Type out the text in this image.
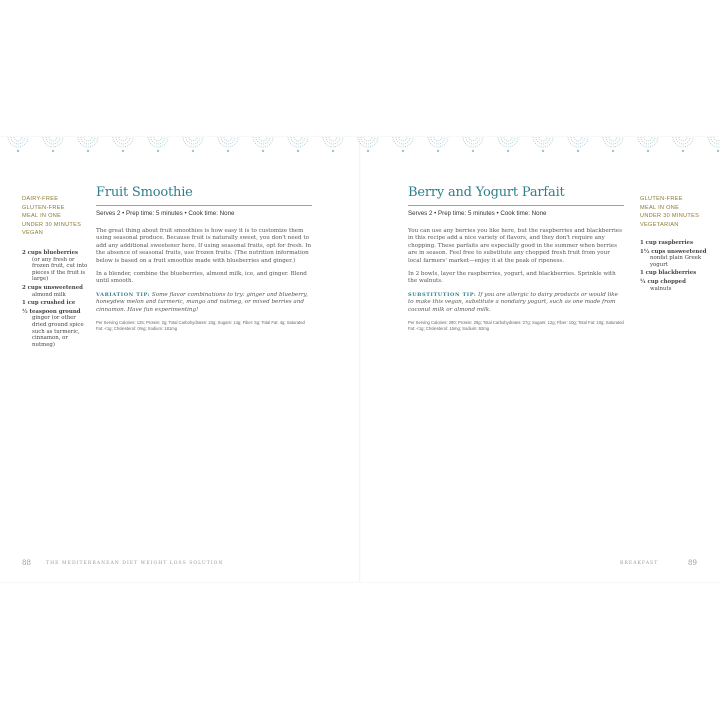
DAIRY-FREE
GLUTEN-FREE
MEAL IN ONE
UNDER 30 MINUTES
VEGAN
2 cups blueberries
(or any fresh or frozen fruit, cut into pieces if the fruit is large)
2 cups unsweetened
almond milk
1 cup crushed ice
½ teaspoon ground
ginger (or other dried ground spice such as turmeric, cinnamon, or nutmeg)
Fruit Smoothie
Serves 2 • Prep time: 5 minutes • Cook time: None

The great thing about fruit smoothies is how easy it is to customize them using seasonal produce. Because fruit is naturally sweet, you don't need to add any additional sweetener here. If using seasonal fruits, opt for fresh. In the absence of seasonal fruits, use frozen fruits. (The nutrition information below is based on a fruit smoothie made with blueberries and ginger.)

In a blender, combine the blueberries, almond milk, ice, and ginger. Blend until smooth.

VARIATION TIP: Some flavor combinations to try: ginger and blueberry, honeydew melon and turmeric, mango and nutmeg, or mixed berries and cinnamon. Have fun experimenting!

Per Serving Calories: 125; Protein: 2g; Total Carbohydrates: 23g; Sugars: 14g; Fiber: 5g; Total Fat: 4g; Saturated Fat: <1g; Cholesterol: 0mg; Sodium: 181mg
88	THE MEDITERRANEAN DIET WEIGHT LOSS SOLUTION
Berry and Yogurt Parfait
Serves 2 • Prep time: 5 minutes • Cook time: None

You can use any berries you like here, but the raspberries and blackberries in this recipe add a nice variety of flavors, and they don't require any chopping. These parfaits are especially good in the summer when berries are in season. Feel free to substitute any chopped fresh fruit from your local farmers' market—enjoy it at the peak of ripeness.

In 2 bowls, layer the raspberries, yogurt, and blackberries. Sprinkle with the walnuts.

SUBSTITUTION TIP: If you are allergic to dairy products or would like to make this vegan, substitute a nondairy yogurt, such as one made from coconut milk or almond milk.

Per Serving Calories: 290; Protein: 29g; Total Carbohydrates: 27g; Sugars: 12g; Fiber: 10g; Total Fat: 10g; Saturated Fat: <1g; Cholesterol: 15mg; Sodium: 92mg
GLUTEN-FREE
MEAL IN ONE
UNDER 30 MINUTES
VEGETARIAN
1 cup raspberries
1½ cups unsweetened
nonfat plain Greek yogurt
1 cup blackberries
¼ cup chopped
walnuts
BREAKFAST	89
